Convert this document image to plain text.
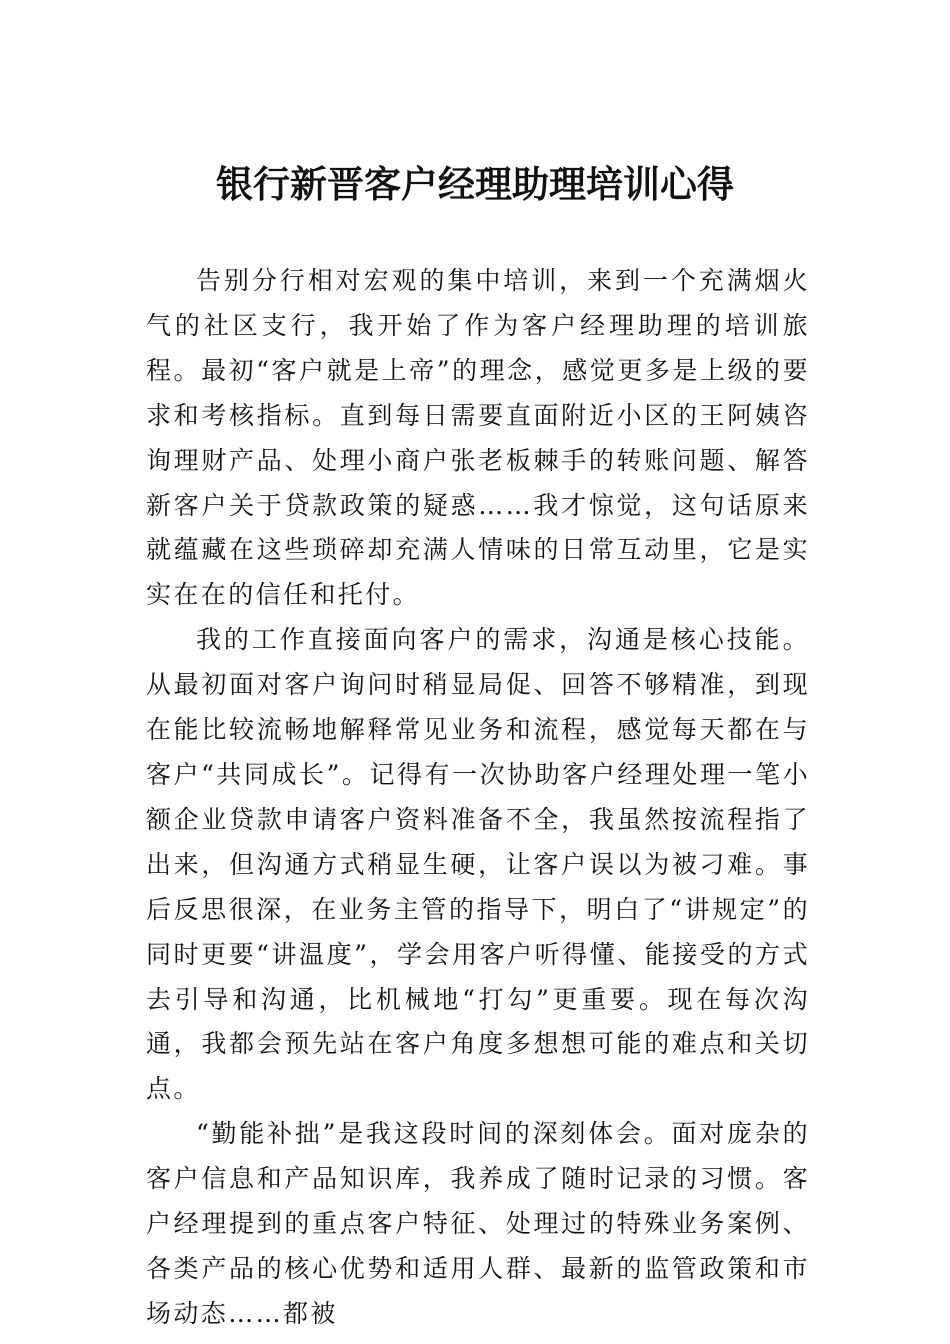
银行新晋客户经理助理培训心得

告别分行相对宏观的集中培训，来到一个充满烟火气的社区支行，我开始了作为客户经理助理的培训旅程。最初“客户就是上帝”的理念，感觉更多是上级的要求和考核指标。直到每日需要直面附近小区的王阿姨咨询理财产品、处理小商户张老板棘手的转账问题、解答新客户关于贷款政策的疑惑……我才惊觉，这句话原来就蕴藏在这些琐碎却充满人情味的日常互动里，它是实实在在的信任和托付。

我的工作直接面向客户的需求，沟通是核心技能。从最初面对客户询问时稍显局促、回答不够精准，到现在能比较流畅地解释常见业务和流程，感觉每天都在与客户“共同成长”。记得有一次协助客户经理处理一笔小额企业贷款申请客户资料准备不全，我虽然按流程指了出来，但沟通方式稍显生硬，让客户误以为被刁难。事后反思很深，在业务主管的指导下，明白了“讲规定”的同时更要“讲温度”，学会用客户听得懂、能接受的方式去引导和沟通，比机械地“打勾”更重要。现在每次沟通，我都会预先站在客户角度多想想可能的难点和关切点。

“勤能补拙”是我这段时间的深刻体会。面对庞杂的客户信息和产品知识库，我养成了随时记录的习惯。客户经理提到的重点客户特征、处理过的特殊业务案例、各类产品的核心优势和适用人群、最新的监管政策和市场动态……都被
